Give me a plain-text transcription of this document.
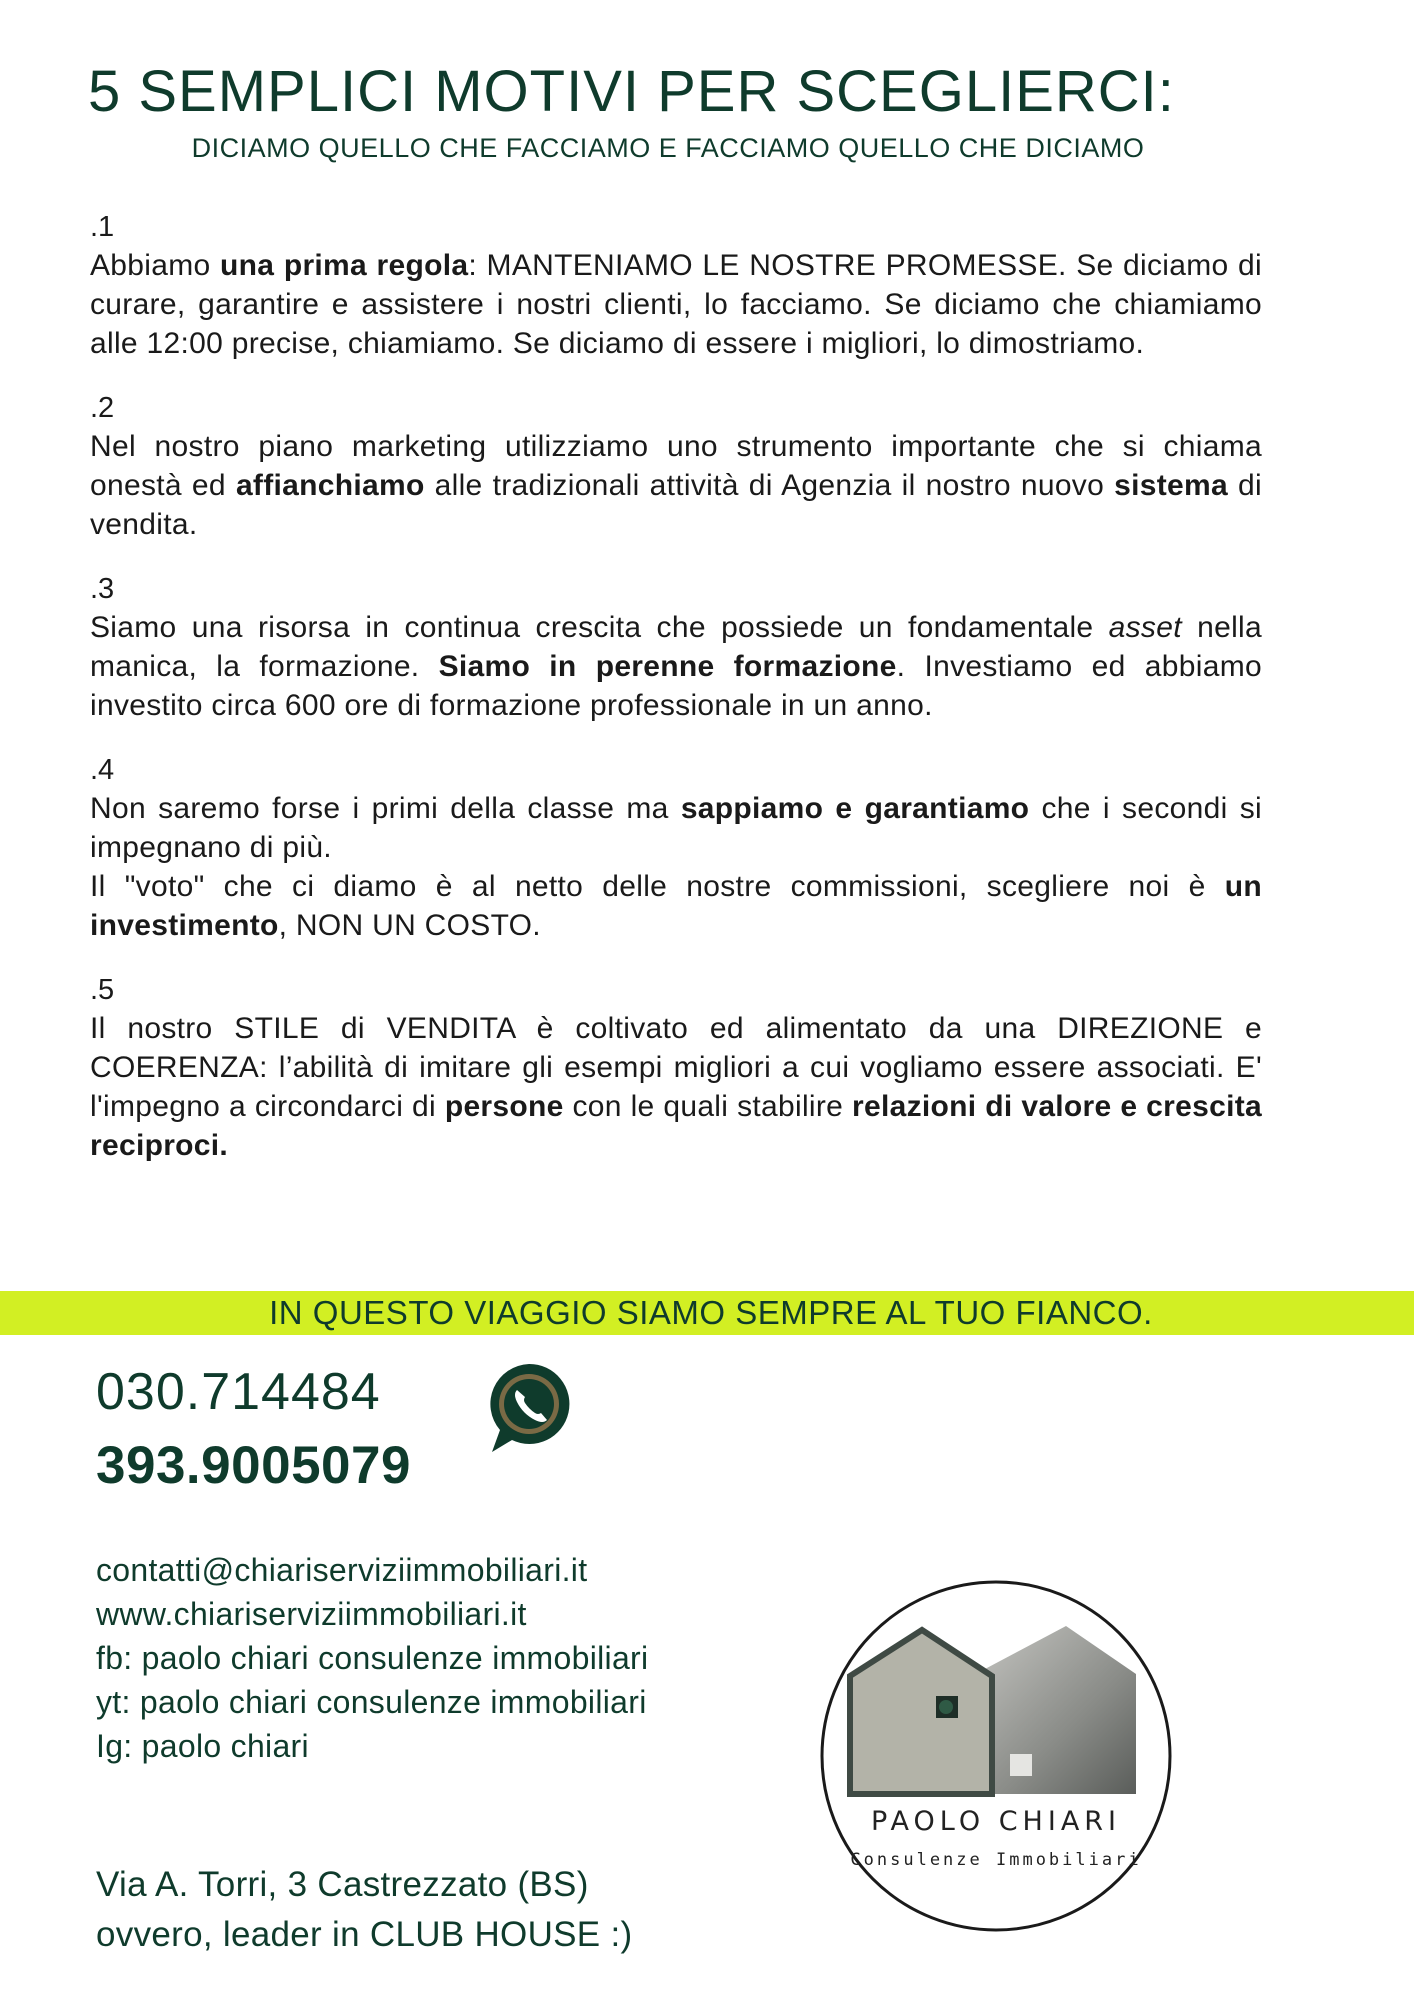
5 SEMPLICI MOTIVI PER SCEGLIERCI:
DICIAMO QUELLO CHE FACCIAMO E FACCIAMO QUELLO CHE DICIAMO
.1

Abbiamo una prima regola: MANTENIAMO LE NOSTRE PROMESSE. Se diciamo di curare, garantire e assistere i nostri clienti, lo facciamo. Se diciamo che chiamiamo alle 12:00 precise, chiamiamo. Se diciamo di essere i migliori, lo dimostriamo.

.2

Nel nostro piano marketing utilizziamo uno strumento importante che si chiama onestà ed affianchiamo alle tradizionali attività di Agenzia il nostro nuovo sistema di vendita.

.3

Siamo una risorsa in continua crescita che possiede un fondamentale asset nella manica, la formazione. Siamo in perenne formazione. Investiamo ed abbiamo investito circa 600 ore di formazione professionale in un anno.

.4

Non saremo forse i primi della classe ma sappiamo e garantiamo che i secondi si impegnano di più.
Il "voto" che ci diamo è al netto delle nostre commissioni, scegliere noi è un investimento, NON UN COSTO.

.5

Il nostro STILE di VENDITA è coltivato ed alimentato da una DIREZIONE e COERENZA: l’abilità di imitare gli esempi migliori a cui vogliamo essere associati. E' l'impegno a circondarci di persone con le quali stabilire relazioni di valore e crescita reciproci.

IN QUESTO VIAGGIO SIAMO SEMPRE AL TUO FIANCO.
030.714484
393.9005079
contatti@chiariserviziimmobiliari.it
www.chiariserviziimmobiliari.it
fb: paolo chiari consulenze immobiliari
yt: paolo chiari consulenze immobiliari
Ig: paolo chiari
Via A. Torri, 3 Castrezzato (BS)
ovvero, leader in CLUB HOUSE :)
PAOLO CHIARI
Consulenze Immobiliari
